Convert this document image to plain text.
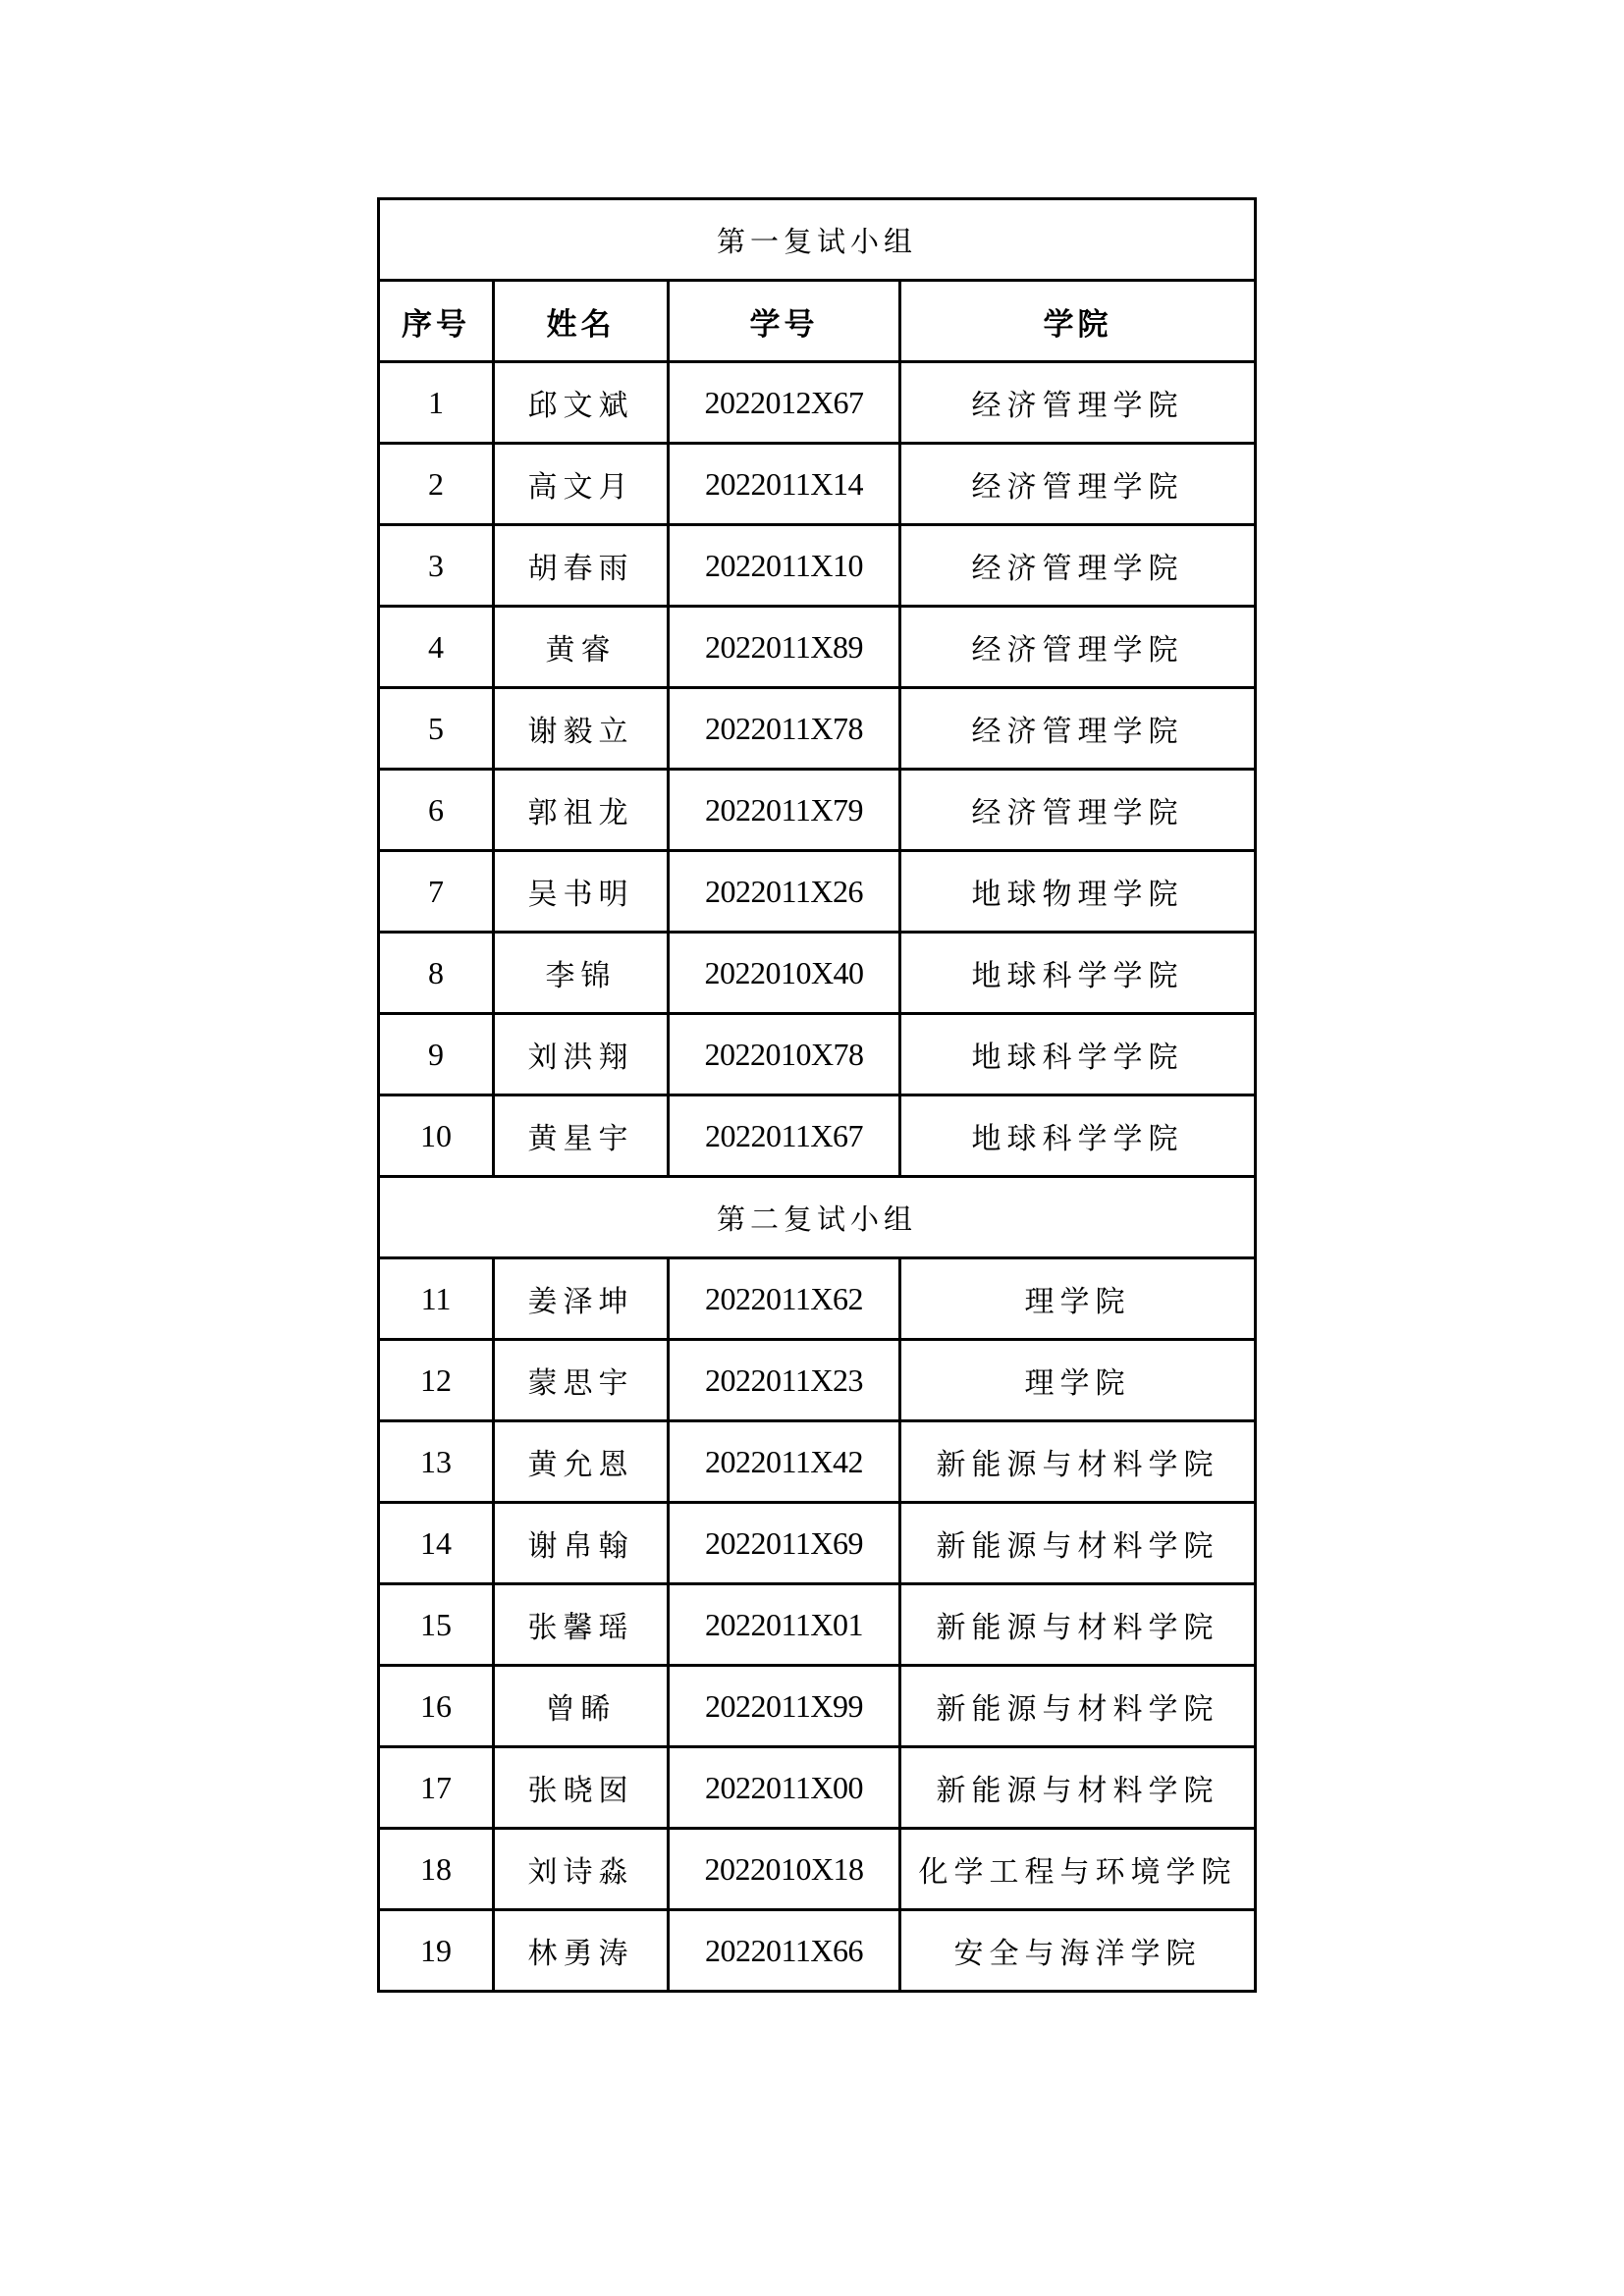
第一复试小组			
序号	姓名	学号	学院
1	邱文斌	2022012X67	经济管理学院
2	高文月	2022011X14	经济管理学院
3	胡春雨	2022011X10	经济管理学院
4	黄睿	2022011X89	经济管理学院
5	谢毅立	2022011X78	经济管理学院
6	郭祖龙	2022011X79	经济管理学院
7	吴书明	2022011X26	地球物理学院
8	李锦	2022010X40	地球科学学院
9	刘洪翔	2022010X78	地球科学学院
10	黄星宇	2022011X67	地球科学学院
第二复试小组			
11	姜泽坤	2022011X62	理学院
12	蒙思宇	2022011X23	理学院
13	黄允恩	2022011X42	新能源与材料学院
14	谢帛翰	2022011X69	新能源与材料学院
15	张馨瑶	2022011X01	新能源与材料学院
16	曾睎	2022011X99	新能源与材料学院
17	张晓囡	2022011X00	新能源与材料学院
18	刘诗淼	2022010X18	化学工程与环境学院
19	林勇涛	2022011X66	安全与海洋学院
